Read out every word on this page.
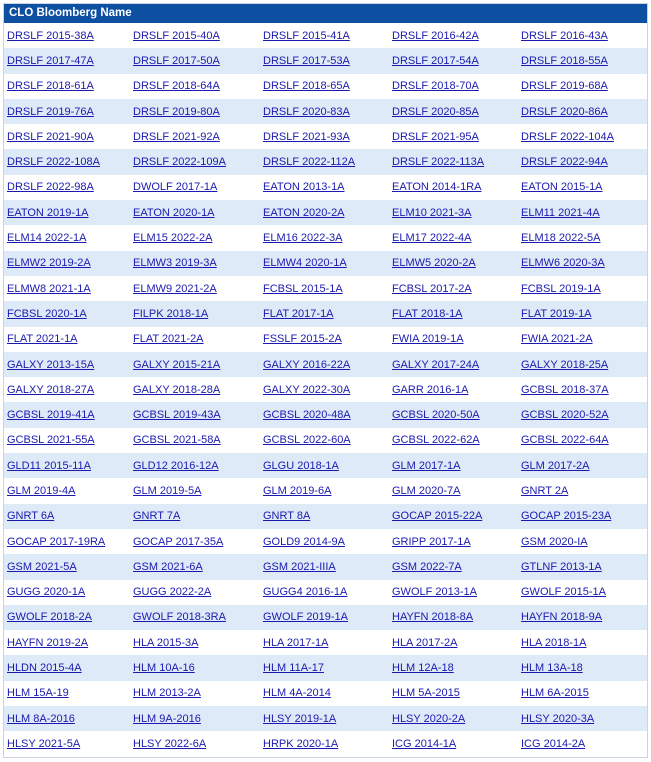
CLO Bloomberg Name
DRSLF 2015-38A	DRSLF 2015-40A	DRSLF 2015-41A	DRSLF 2016-42A	DRSLF 2016-43A
DRSLF 2017-47A	DRSLF 2017-50A	DRSLF 2017-53A	DRSLF 2017-54A	DRSLF 2018-55A
DRSLF 2018-61A	DRSLF 2018-64A	DRSLF 2018-65A	DRSLF 2018-70A	DRSLF 2019-68A
DRSLF 2019-76A	DRSLF 2019-80A	DRSLF 2020-83A	DRSLF 2020-85A	DRSLF 2020-86A
DRSLF 2021-90A	DRSLF 2021-92A	DRSLF 2021-93A	DRSLF 2021-95A	DRSLF 2022-104A
DRSLF 2022-108A	DRSLF 2022-109A	DRSLF 2022-112A	DRSLF 2022-113A	DRSLF 2022-94A
DRSLF 2022-98A	DWOLF 2017-1A	EATON 2013-1A	EATON 2014-1RA	EATON 2015-1A
EATON 2019-1A	EATON 2020-1A	EATON 2020-2A	ELM10 2021-3A	ELM11 2021-4A
ELM14 2022-1A	ELM15 2022-2A	ELM16 2022-3A	ELM17 2022-4A	ELM18 2022-5A
ELMW2 2019-2A	ELMW3 2019-3A	ELMW4 2020-1A	ELMW5 2020-2A	ELMW6 2020-3A
ELMW8 2021-1A	ELMW9 2021-2A	FCBSL 2015-1A	FCBSL 2017-2A	FCBSL 2019-1A
FCBSL 2020-1A	FILPK 2018-1A	FLAT 2017-1A	FLAT 2018-1A	FLAT 2019-1A
FLAT 2021-1A	FLAT 2021-2A	FSSLF 2015-2A	FWIA 2019-1A	FWIA 2021-2A
GALXY 2013-15A	GALXY 2015-21A	GALXY 2016-22A	GALXY 2017-24A	GALXY 2018-25A
GALXY 2018-27A	GALXY 2018-28A	GALXY 2022-30A	GARR 2016-1A	GCBSL 2018-37A
GCBSL 2019-41A	GCBSL 2019-43A	GCBSL 2020-48A	GCBSL 2020-50A	GCBSL 2020-52A
GCBSL 2021-55A	GCBSL 2021-58A	GCBSL 2022-60A	GCBSL 2022-62A	GCBSL 2022-64A
GLD11 2015-11A	GLD12 2016-12A	GLGU 2018-1A	GLM 2017-1A	GLM 2017-2A
GLM 2019-4A	GLM 2019-5A	GLM 2019-6A	GLM 2020-7A	GNRT 2A
GNRT 6A	GNRT 7A	GNRT 8A	GOCAP 2015-22A	GOCAP 2015-23A
GOCAP 2017-19RA	GOCAP 2017-35A	GOLD9 2014-9A	GRIPP 2017-1A	GSM 2020-IA
GSM 2021-5A	GSM 2021-6A	GSM 2021-IIIA	GSM 2022-7A	GTLNF 2013-1A
GUGG 2020-1A	GUGG 2022-2A	GUGG4 2016-1A	GWOLF 2013-1A	GWOLF 2015-1A
GWOLF 2018-2A	GWOLF 2018-3RA	GWOLF 2019-1A	HAYFN 2018-8A	HAYFN 2018-9A
HAYFN 2019-2A	HLA 2015-3A	HLA 2017-1A	HLA 2017-2A	HLA 2018-1A
HLDN 2015-4A	HLM 10A-16	HLM 11A-17	HLM 12A-18	HLM 13A-18
HLM 15A-19	HLM 2013-2A	HLM 4A-2014	HLM 5A-2015	HLM 6A-2015
HLM 8A-2016	HLM 9A-2016	HLSY 2019-1A	HLSY 2020-2A	HLSY 2020-3A
HLSY 2021-5A	HLSY 2022-6A	HRPK 2020-1A	ICG 2014-1A	ICG 2014-2A
